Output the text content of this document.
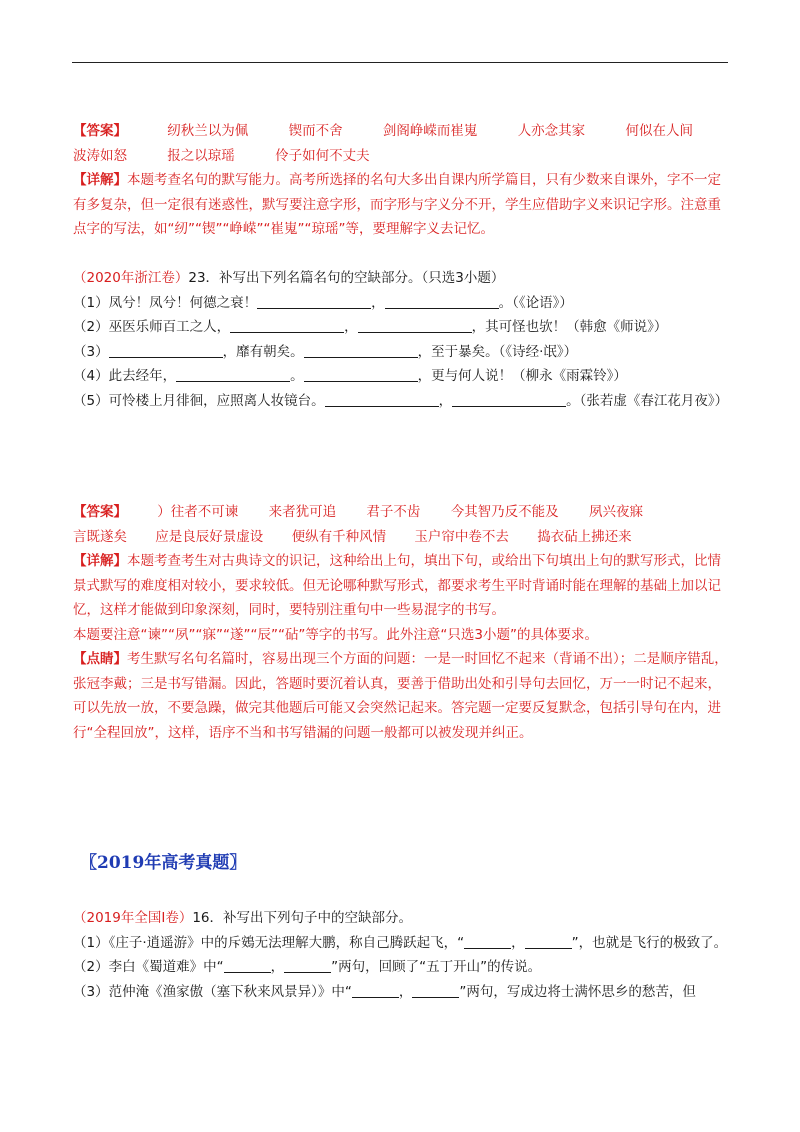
【答案】	纫秋兰以为佩	锲而不舍	剑阁峥嵘而崔嵬	人亦念其家	何似在人间
波涛如怒	报之以琼瑶	伶子如何不丈夫
【详解】本题考查名句的默写能力。高考所选择的名句大多出自课内所学篇目，只有少数来自课外，字不一定有多复杂，但一定很有迷惑性，默写要注意字形，而字形与字义分不开，学生应借助字义来识记字形。注意重点字的写法，如“纫”“锲”“峥嵘”“崔嵬”“琼瑶”等，要理解字义去记忆。
（2020年浙江卷）23．补写出下列名篇名句的空缺部分。（只选3小题）
（1）凤兮！凤兮！何德之衰！	，	。（《论语》）
（2）巫医乐师百工之人，	，	，其可怪也欤！（韩愈《师说》）
（3）	，靡有朝矣。	，至于暴矣。（《诗经·氓》）
（4）此去经年，	。	，更与何人说！（柳永《雨霖铃》）
（5）可怜楼上月徘徊，应照离人妆镜台。	，	。（张若虚《春江花月夜》）
【答案】 ）往者不可谏 来者犹可追 君子不齿 今其智乃反不能及 夙兴夜寐
言既遂矣 应是良辰好景虚设 便纵有千种风情 玉户帘中卷不去 捣衣砧上拂还来
【详解】本题考查考生对古典诗文的识记，这种给出上句，填出下句，或给出下句填出上句的默写形式，比情景式默写的难度相对较小，要求较低。但无论哪种默写形式，都要求考生平时背诵时能在理解的基础上加以记忆，这样才能做到印象深刻，同时，要特别注重句中一些易混字的书写。
本题要注意“谏”“夙”“寐”“遂”“辰”“砧”等字的书写。此外注意“只选3小题”的具体要求。
【点睛】考生默写名句名篇时，容易出现三个方面的问题：一是一时回忆不起来（背诵不出）；二是顺序错乱，张冠李戴；三是书写错漏。因此，答题时要沉着认真，要善于借助出处和引导句去回忆，万一一时记不起来，可以先放一放，不要急躁，做完其他题后可能又会突然记起来。答完题一定要反复默念，包括引导句在内，进行“全程回放”，这样，语序不当和书写错漏的问题一般都可以被发现并纠正。
〖2019年高考真题〗
（2019年全国Ⅰ卷）16．补写出下列句子中的空缺部分。
（1）《庄子·逍遥游》中的斥鴳无法理解大鹏，称自己腾跃起飞，“	，	”，也就是飞行的极致了。
（2）李白《蜀道难》中“	，	”两句，回顾了“五丁开山”的传说。
（3）范仲淹《渔家傲（塞下秋来风景异）》中“	，	”两句，写成边将士满怀思乡的愁苦，但
